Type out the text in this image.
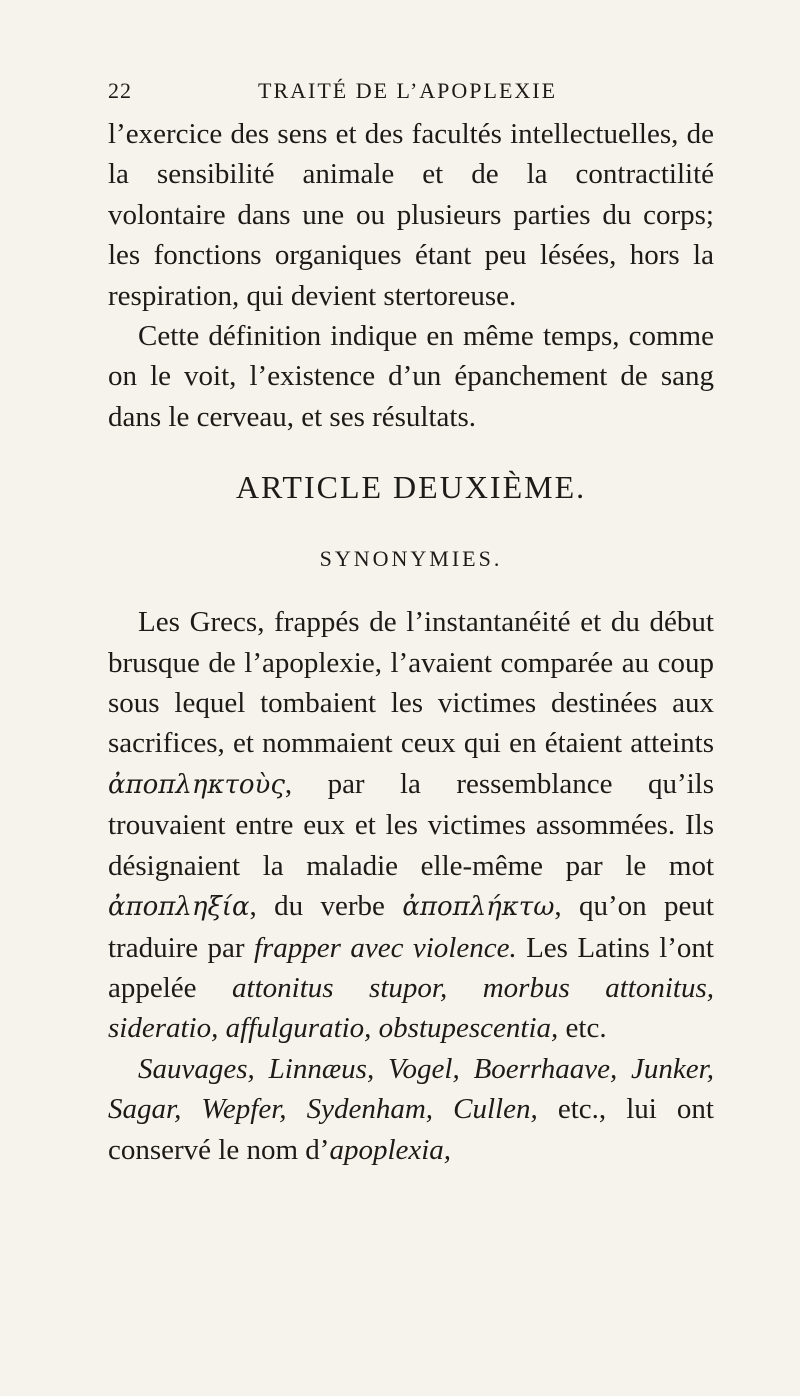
22	TRAITÉ DE L’APOPLEXIE

l’exercice des sens et des facultés intellectuelles, de la sensibilité animale et de la contractilité volontaire dans une ou plusieurs parties du corps; les fonctions organiques étant peu lésées, hors la respiration, qui devient stertoreuse.

Cette définition indique en même temps, comme on le voit, l’existence d’un épanchement de sang dans le cerveau, et ses résultats.

ARTICLE DEUXIÈME.
SYNONYMIES.

Les Grecs, frappés de l’instantanéité et du début brusque de l’apoplexie, l’avaient comparée au coup sous lequel tombaient les victimes destinées aux sacrifices, et nommaient ceux qui en étaient atteints ἀποπληκτοὺς, par la ressemblance qu’ils trouvaient entre eux et les victimes assommées. Ils désignaient la maladie elle-même par le mot ἀποπληξία, du verbe ἀποπλήκτω, qu’on peut traduire par frapper avec violence. Les Latins l’ont appelée attonitus stupor, morbus attonitus, sideratio, affulguratio, obstupescentia, etc.

Sauvages, Linnæus, Vogel, Boerrhaave, Junker, Sagar, Wepfer, Sydenham, Cullen, etc., lui ont conservé le nom d’apoplexia,
